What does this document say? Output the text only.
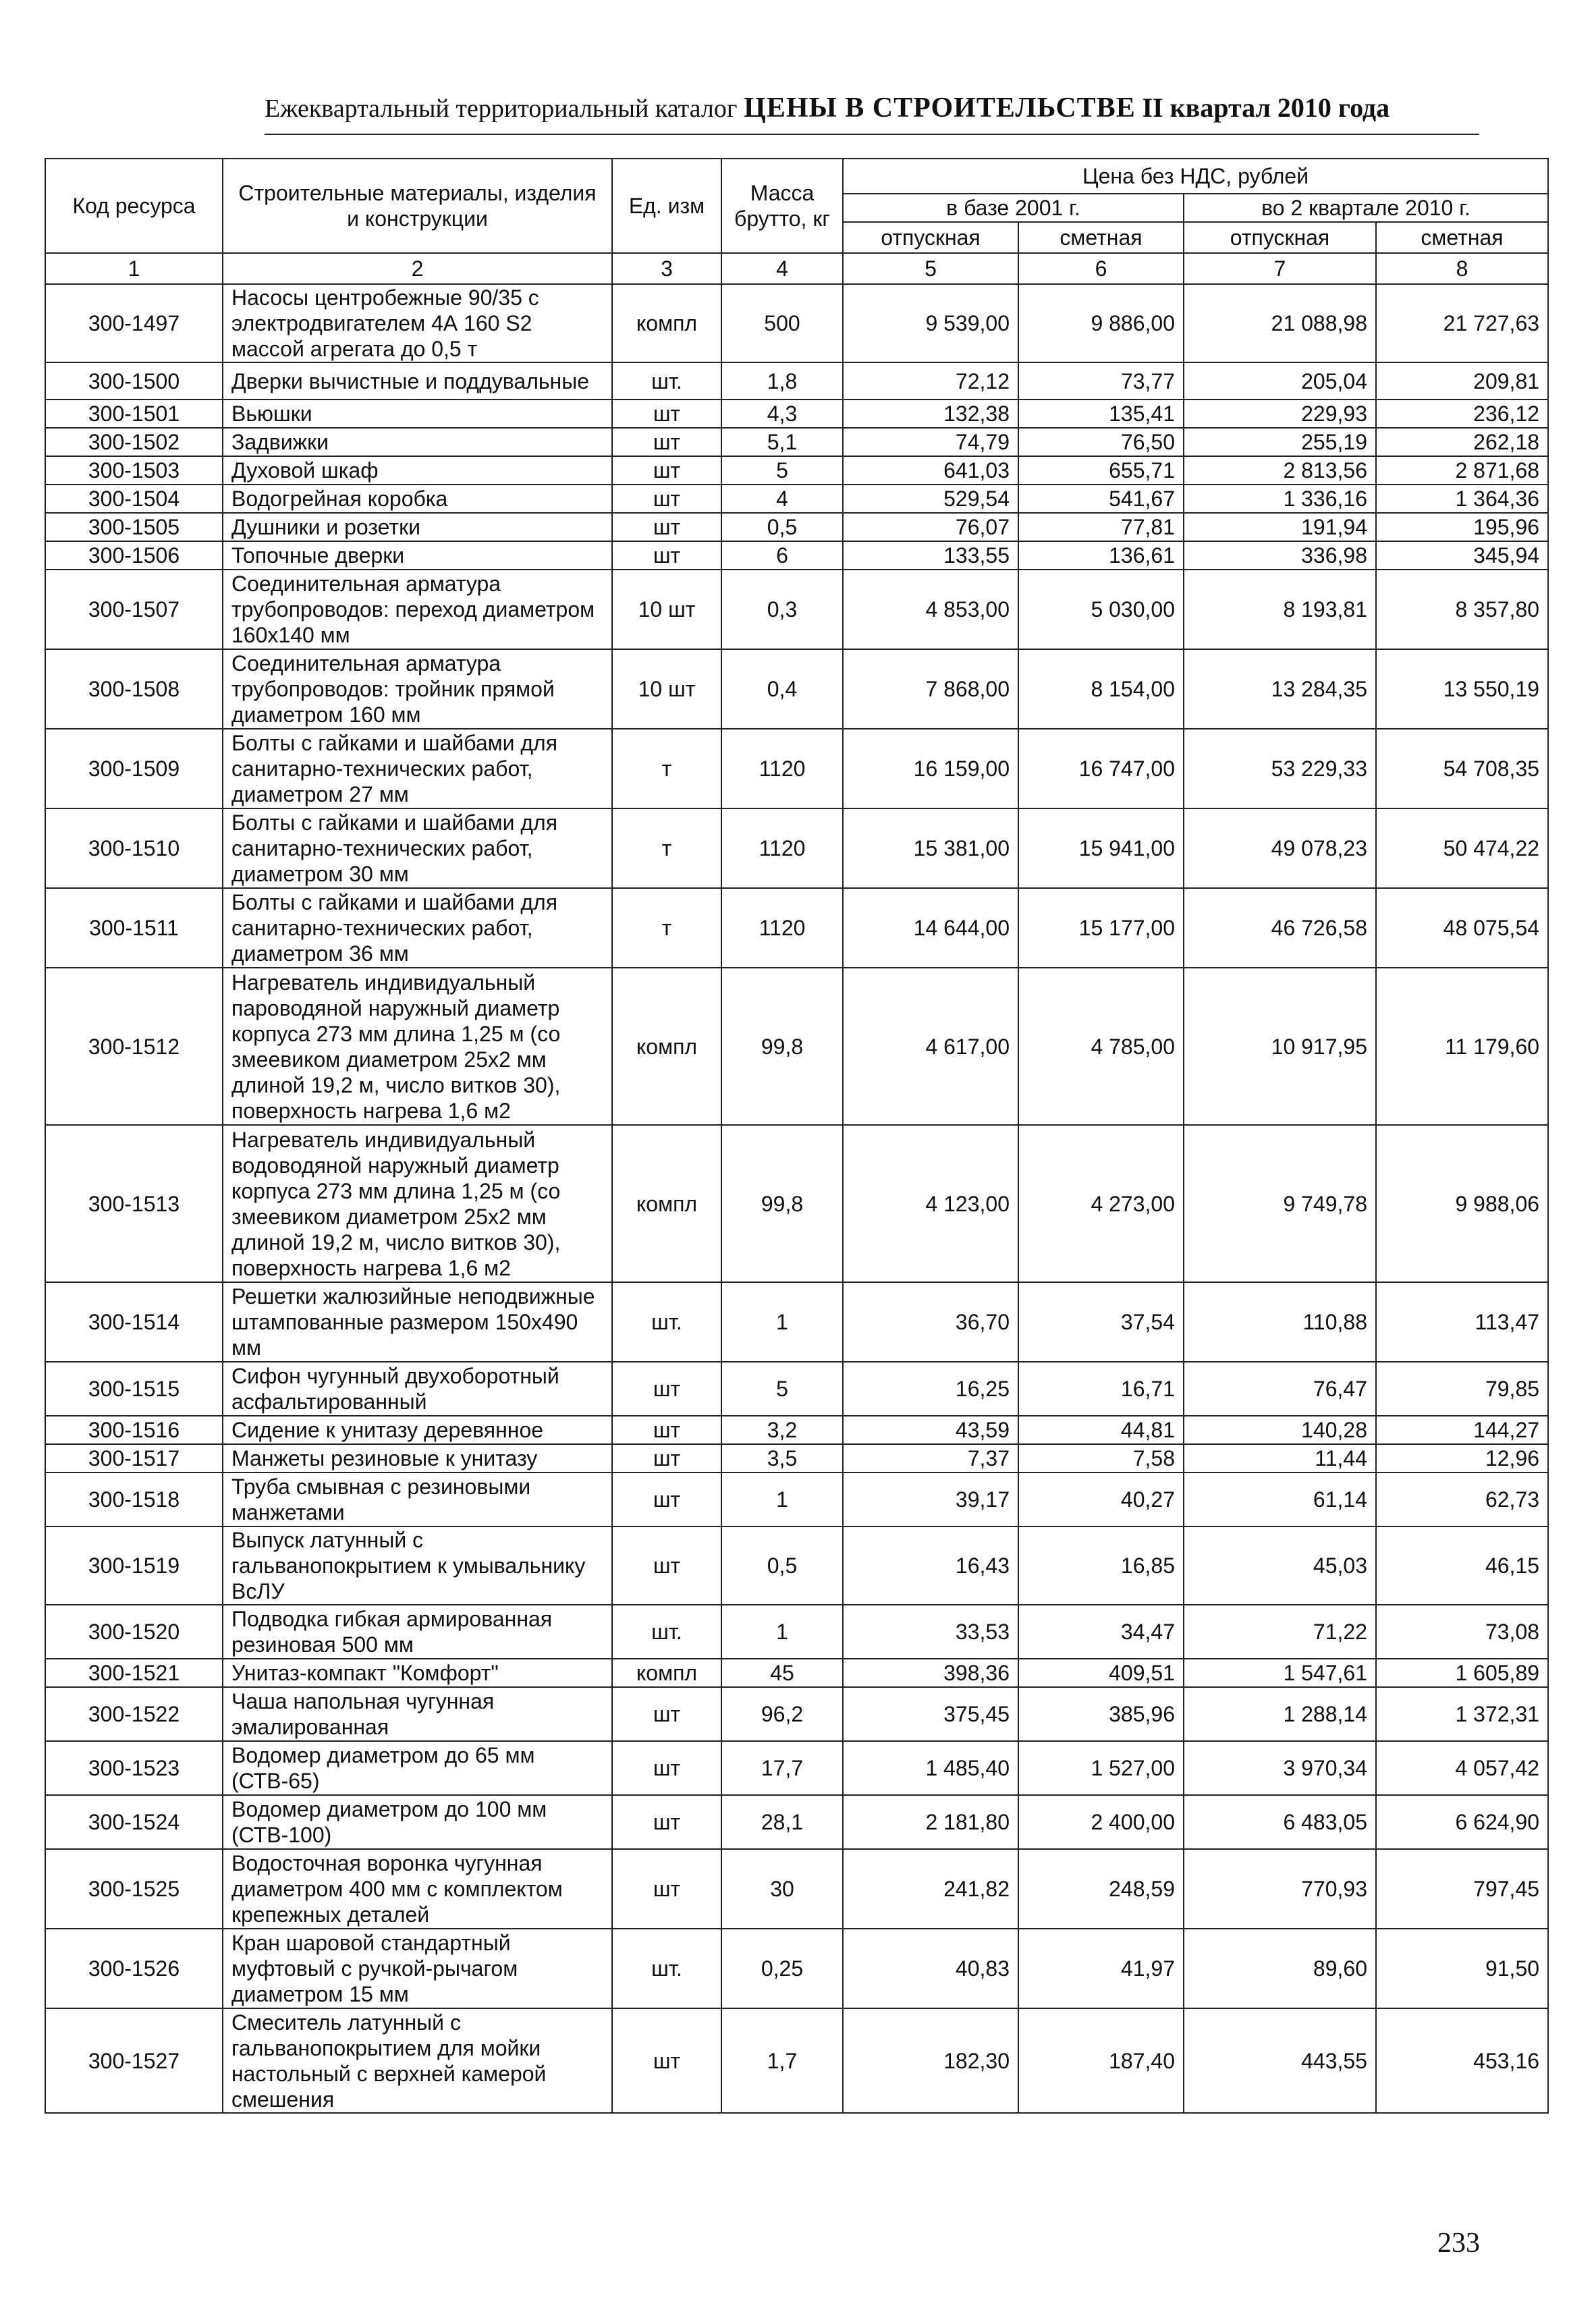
Ежеквартальный территориальный каталог ЦЕНЫ В СТРОИТЕЛЬСТВЕ II квартал 2010 года
Код ресурса	Строительные материалы, изделия и конструкции	Ед. изм	Масса брутто, кг	Цена без НДС, рублей			
				в базе 2001 г.		во 2 квартале 2010 г.	
				отпускная	сметная	отпускная	сметная
1	2	3	4	5	6	7	8
300-1497	Насосы центробежные 90/35 с электродвигателем 4А 160 S2 массой агрегата до 0,5 т	компл	500	9 539,00	9 886,00	21 088,98	21 727,63
300-1500	Дверки вычистные и поддувальные	шт.	1,8	72,12	73,77	205,04	209,81
300-1501	Вьюшки	шт	4,3	132,38	135,41	229,93	236,12
300-1502	Задвижки	шт	5,1	74,79	76,50	255,19	262,18
300-1503	Духовой шкаф	шт	5	641,03	655,71	2 813,56	2 871,68
300-1504	Водогрейная коробка	шт	4	529,54	541,67	1 336,16	1 364,36
300-1505	Душники и розетки	шт	0,5	76,07	77,81	191,94	195,96
300-1506	Топочные дверки	шт	6	133,55	136,61	336,98	345,94
300-1507	Соединительная арматура трубопроводов: переход диаметром 160х140 мм	10 шт	0,3	4 853,00	5 030,00	8 193,81	8 357,80
300-1508	Соединительная арматура трубопроводов: тройник прямой диаметром 160 мм	10 шт	0,4	7 868,00	8 154,00	13 284,35	13 550,19
300-1509	Болты с гайками и шайбами для санитарно-технических работ, диаметром 27 мм	т	1120	16 159,00	16 747,00	53 229,33	54 708,35
300-1510	Болты с гайками и шайбами для санитарно-технических работ, диаметром 30 мм	т	1120	15 381,00	15 941,00	49 078,23	50 474,22
300-1511	Болты с гайками и шайбами для санитарно-технических работ, диаметром 36 мм	т	1120	14 644,00	15 177,00	46 726,58	48 075,54
300-1512	Нагреватель индивидуальный пароводяной наружный диаметр корпуса 273 мм длина 1,25 м (со змеевиком диаметром 25х2 мм длиной 19,2 м, число витков 30), поверхность нагрева 1,6 м2	компл	99,8	4 617,00	4 785,00	10 917,95	11 179,60
300-1513	Нагреватель индивидуальный водоводяной наружный диаметр корпуса 273 мм длина 1,25 м (со змеевиком диаметром 25х2 мм длиной 19,2 м, число витков 30), поверхность нагрева 1,6 м2	компл	99,8	4 123,00	4 273,00	9 749,78	9 988,06
300-1514	Решетки жалюзийные неподвижные штампованные размером 150х490 мм	шт.	1	36,70	37,54	110,88	113,47
300-1515	Сифон чугунный двухоборотный асфальтированный	шт	5	16,25	16,71	76,47	79,85
300-1516	Сидение к унитазу деревянное	шт	3,2	43,59	44,81	140,28	144,27
300-1517	Манжеты резиновые к унитазу	шт	3,5	7,37	7,58	11,44	12,96
300-1518	Труба смывная с резиновыми манжетами	шт	1	39,17	40,27	61,14	62,73
300-1519	Выпуск латунный с гальванопокрытием к умывальнику ВсЛУ	шт	0,5	16,43	16,85	45,03	46,15
300-1520	Подводка гибкая армированная резиновая 500 мм	шт.	1	33,53	34,47	71,22	73,08
300-1521	Унитаз-компакт "Комфорт"	компл	45	398,36	409,51	1 547,61	1 605,89
300-1522	Чаша напольная чугунная эмалированная	шт	96,2	375,45	385,96	1 288,14	1 372,31
300-1523	Водомер диаметром до 65 мм (СТВ-65)	шт	17,7	1 485,40	1 527,00	3 970,34	4 057,42
300-1524	Водомер диаметром до 100 мм (СТВ-100)	шт	28,1	2 181,80	2 400,00	6 483,05	6 624,90
300-1525	Водосточная воронка чугунная диаметром 400 мм с комплектом крепежных деталей	шт	30	241,82	248,59	770,93	797,45
300-1526	Кран шаровой стандартный муфтовый с ручкой-рычагом диаметром 15 мм	шт.	0,25	40,83	41,97	89,60	91,50
300-1527	Смеситель латунный с гальванопокрытием для мойки настольный с верхней камерой смешения	шт	1,7	182,30	187,40	443,55	453,16
233
